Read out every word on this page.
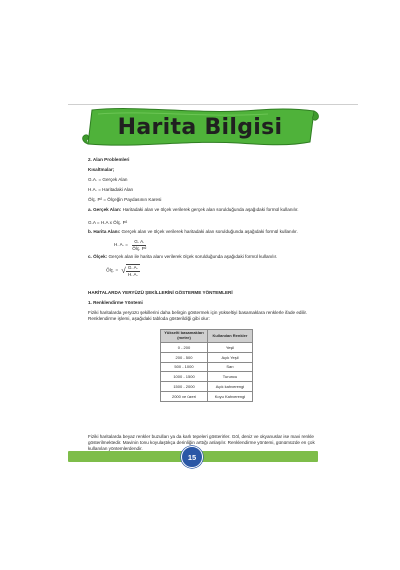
Harita Bilgisi
2. Alan Problemleri
Kısaltmalar;
G.A. = Gerçek Alan
H.A. = Haritadaki Alan
Ölç. P² = Ölçeğin Paydasının Karesi
a. Gerçek Alan: Haritadaki alan ve ölçek verilerek gerçek alan sorulduğunda aşağıdaki formül kullanılır.
G.A = H.A x Ölç. P²
b. Harita Alanı: Gerçek alan ve ölçek verilerek haritadaki alan sorulduğunda aşağıdaki formül kullanılır.
H. A. = $\frac{G. A.}{\text{Ölç. P²}}$
c. Ölçek: Gerçek alan ile harita alanı verilerek ölçek sorulduğunda aşağıdaki formül kullanılır.
Ölç. = √ $\frac{G. A.}{H. A.}$
HARİTALARDA YERYÜZÜ ŞEKİLLERİNİ GÖSTERME YÖNTEMLERİ
1. Renklendirme Yöntemi
Fiziki haritalarda yeryüzü şekillerini daha belirgin göstermek için yükseltiyi basamaklara renklerle ifade edilir. Renklendirme işlemi, aşağıdaki tabloda gösterildiği gibi olur:
Yükselti basamakları (metre)	Kullanılan Renkler
0 - 200	Yeşil
200 - 500	Açık Yeşil
500 - 1000	Sarı
1000 - 1500	Turuncu
1500 - 2000	Açık kahverengi
2000 ve üzeri	Koyu Kahverengi
Fiziki haritalarda beyaz renkler buzulları ya da karlı tepeleri gösterirler. Göl, deniz ve okyanuslar ise mavi renkle gösterilmektedir. Mavinin tonu koyulaştıkça derinliğin arttığı anlaşılır. Renklendirme yöntemi, günümüzde en çok kullanılan yöntemlerdendir.
15
